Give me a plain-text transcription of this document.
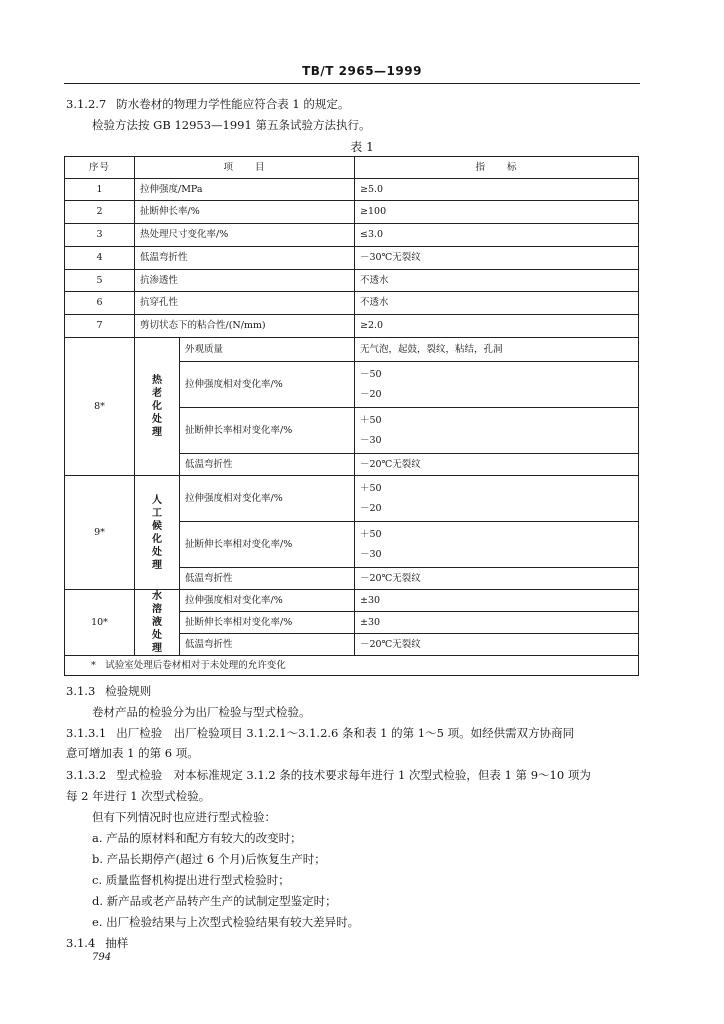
TB/T 2965—1999
3.1.2.7 防水卷材的物理力学性能应符合表 1 的规定。
检验方法按 GB 12953—1991 第五条试验方法执行。
表 1
序号	项　　目		指　　标
1	拉伸强度/MPa		≥5.0
2	扯断伸长率/%		≥100
3	热处理尺寸变化率/%		≤3.0
4	低温弯折性		－30℃无裂纹
5	抗渗透性		不透水
6	抗穿孔性		不透水
7	剪切状态下的粘合性/(N/mm)		≥2.0
8*	热老化处理	外观质量	无气泡，起鼓，裂纹，粘结，孔洞
		拉伸强度相对变化率/%	－50
－20

		扯断伸长率相对变化率/%	＋50
－30

		低温弯折性	－20℃无裂纹
9*	人工候化处理	拉伸强度相对变化率/%	＋50
－20

		扯断伸长率相对变化率/%	＋50
－30

		低温弯折性	－20℃无裂纹
10*	水溶液处理	拉伸强度相对变化率/%	±30
		扯断伸长率相对变化率/%	±30
		低温弯折性	－20℃无裂纹
*　试验室处理后卷材相对于未处理的允许变化			
3.1.3 检验规则
卷材产品的检验分为出厂检验与型式检验。
3.1.3.1 出厂检验　出厂检验项目 3.1.2.1～3.1.2.6 条和表 1 的第 1～5 项。如经供需双方协商同
意可增加表 1 的第 6 项。
3.1.3.2 型式检验　对本标准规定 3.1.2 条的技术要求每年进行 1 次型式检验，但表 1 第 9～10 项为
每 2 年进行 1 次型式检验。
但有下列情况时也应进行型式检验：
a. 产品的原材料和配方有较大的改变时；
b. 产品长期停产(超过 6 个月)后恢复生产时；
c. 质量监督机构提出进行型式检验时；
d. 新产品或老产品转产生产的试制定型鉴定时；
e. 出厂检验结果与上次型式检验结果有较大差异时。
3.1.4 抽样
794
